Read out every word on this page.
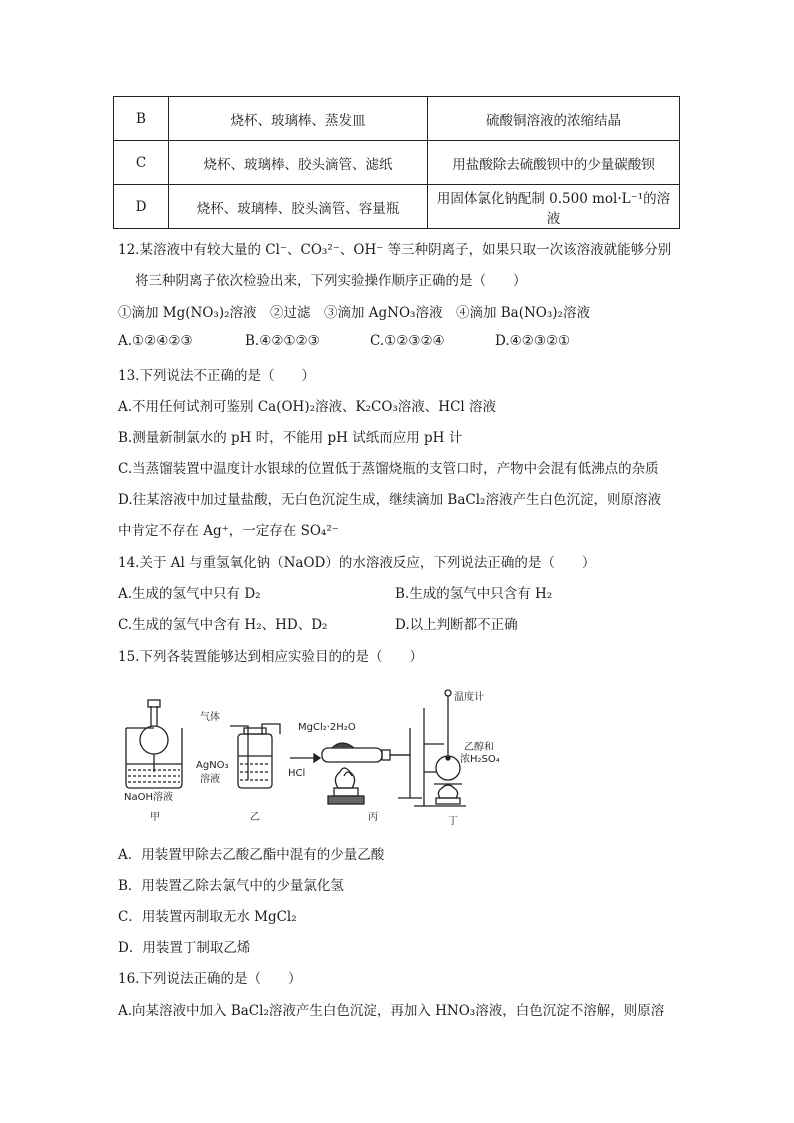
B	烧杯、玻璃棒、蒸发皿	硫酸铜溶液的浓缩结晶
C	烧杯、玻璃棒、胶头滴管、滤纸	用盐酸除去硫酸钡中的少量碳酸钡
D	烧杯、玻璃棒、胶头滴管、容量瓶	用固体氯化钠配制 0.500 mol·L⁻¹的溶液
12.某溶液中有较大量的 Cl⁻、CO₃²⁻、OH⁻ 等三种阴离子，如果只取一次该溶液就能够分别
将三种阴离子依次检验出来，下列实验操作顺序正确的是（　　）
①滴加 Mg(NO₃)₂溶液　②过滤　③滴加 AgNO₃溶液　④滴加 Ba(NO₃)₂溶液
A.①②④②③	B.④②①②③	C.①②③②④	D.④②③②①
13.下列说法不正确的是（　　）
A.不用任何试剂可鉴别 Ca(OH)₂溶液、K₂CO₃溶液、HCl 溶液
B.测量新制氯水的 pH 时，不能用 pH 试纸而应用 pH 计
C.当蒸馏装置中温度计水银球的位置低于蒸馏烧瓶的支管口时，产物中会混有低沸点的杂质
D.往某溶液中加过量盐酸，无白色沉淀生成，继续滴加 BaCl₂溶液产生白色沉淀，则原溶液
中肯定不存在 Ag⁺，一定存在 SO₄²⁻
14.关于 Al 与重氢氧化钠（NaOD）的水溶液反应，下列说法正确的是（　　）
A.生成的氢气中只有 D₂	B.生成的氢气中只含有 H₂
C.生成的氢气中含有 H₂、HD、D₂	D.以上判断都不正确
15.下列各装置能够达到相应实验目的的是（　　）
NaOH溶液
甲
气体
AgNO₃
溶液
乙
MgCl₂·2H₂O
HCl
丙
温度计
乙醇和
浓H₂SO₄
丁
A．用装置甲除去乙酸乙酯中混有的少量乙酸
B．用装置乙除去氯气中的少量氯化氢
C．用装置丙制取无水 MgCl₂
D．用装置丁制取乙烯
16.下列说法正确的是（　　）
A.向某溶液中加入 BaCl₂溶液产生白色沉淀，再加入 HNO₃溶液，白色沉淀不溶解，则原溶
